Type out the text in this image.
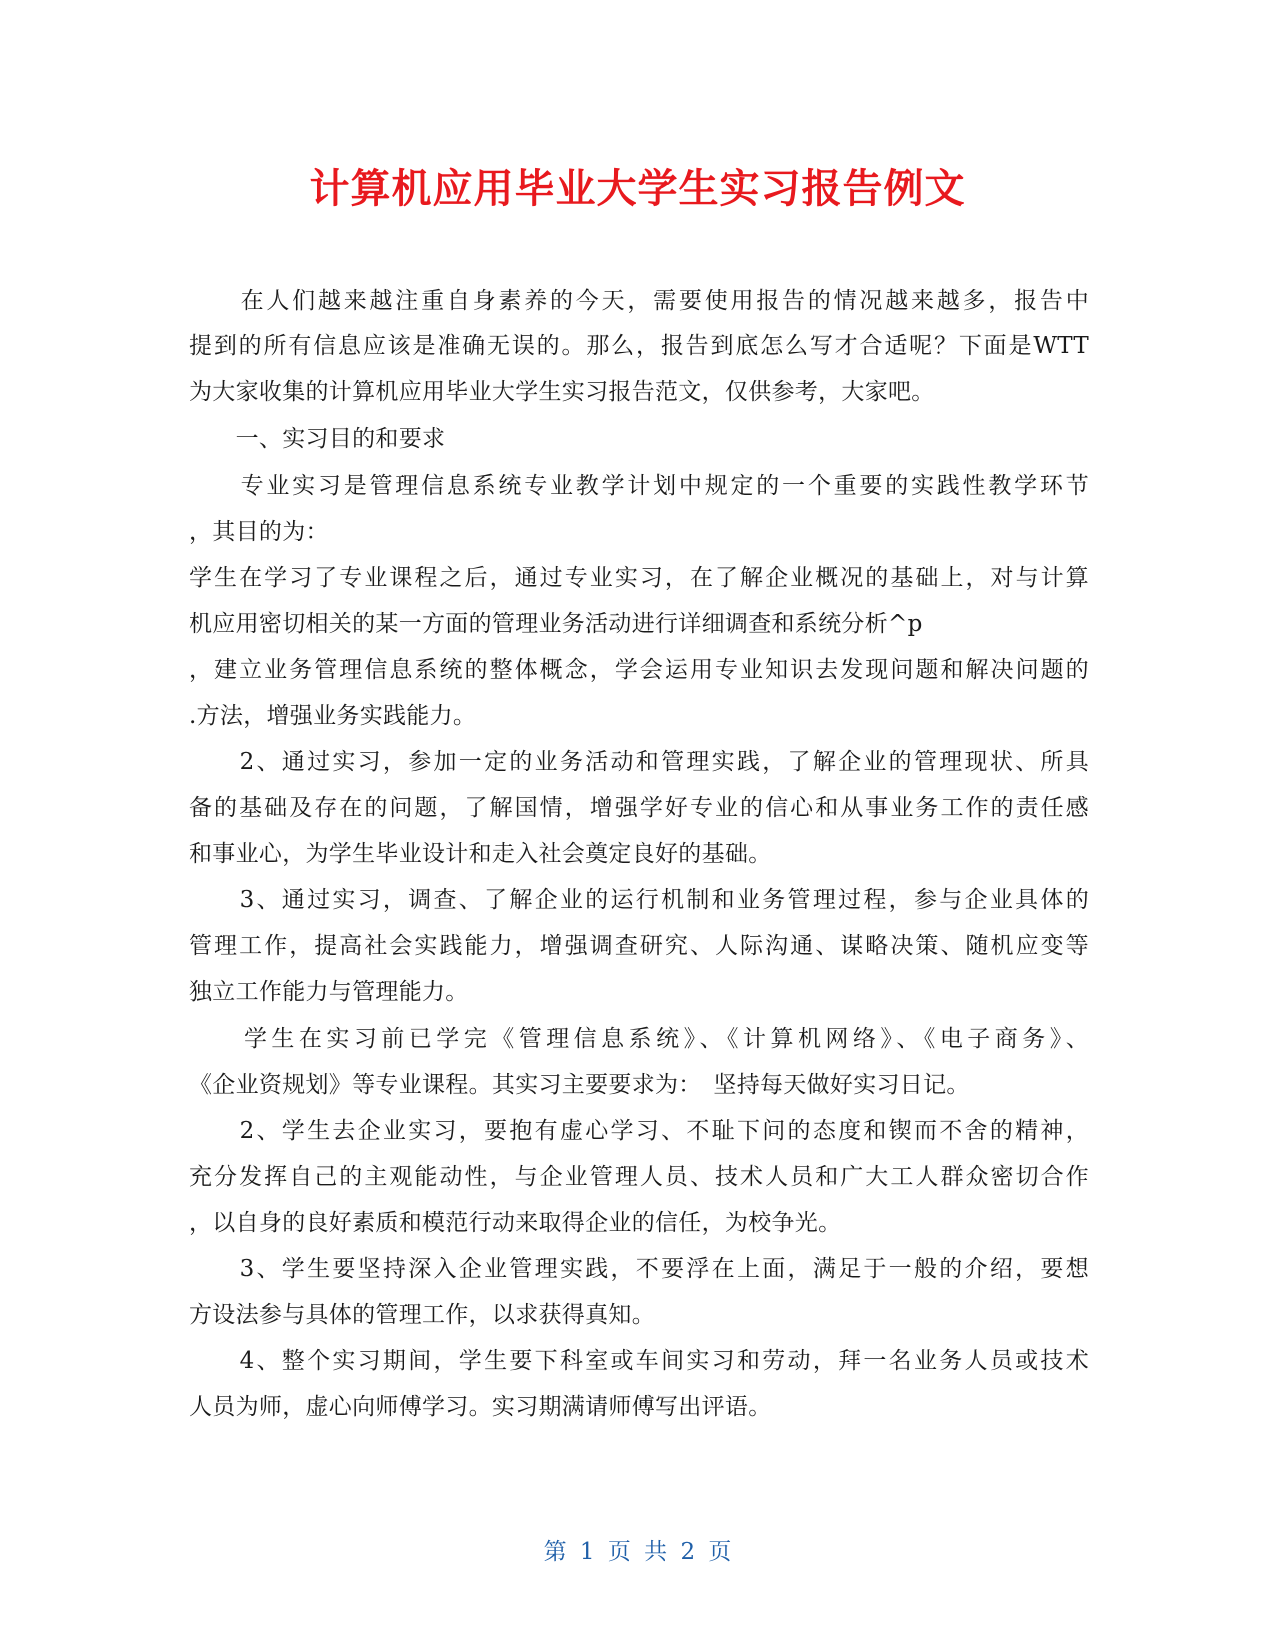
计算机应用毕业大学生实习报告例文
　　在人们越来越注重自身素养的今天，需要使用报告的情况越来越多，报告中
提到的所有信息应该是准确无误的。那么，报告到底怎么写才合适呢？下面是WTT
为大家收集的计算机应用毕业大学生实习报告范文，仅供参考，大家吧。
　　一、实习目的和要求
　　专业实习是管理信息系统专业教学计划中规定的一个重要的实践性教学环节
，其目的为：
学生在学习了专业课程之后，通过专业实习，在了解企业概况的基础上，对与计算
机应用密切相关的某一方面的管理业务活动进行详细调查和系统分析^p
，建立业务管理信息系统的整体概念，学会运用专业知识去发现问题和解决问题的
.方法，增强业务实践能力。
　　2、通过实习，参加一定的业务活动和管理实践，了解企业的管理现状、所具
备的基础及存在的问题，了解国情，增强学好专业的信心和从事业务工作的责任感
和事业心，为学生毕业设计和走入社会奠定良好的基础。
　　3、通过实习，调查、了解企业的运行机制和业务管理过程，参与企业具体的
管理工作，提高社会实践能力，增强调查研究、人际沟通、谋略决策、随机应变等
独立工作能力与管理能力。
　　学生在实习前已学完《管理信息系统》、《计算机网络》、《电子商务》、
《企业资规划》等专业课程。其实习主要要求为：　坚持每天做好实习日记。
　　2、学生去企业实习，要抱有虚心学习、不耻下问的态度和锲而不舍的精神，
充分发挥自己的主观能动性，与企业管理人员、技术人员和广大工人群众密切合作
，以自身的良好素质和模范行动来取得企业的信任，为校争光。
　　3、学生要坚持深入企业管理实践，不要浮在上面，满足于一般的介绍，要想
方设法参与具体的管理工作，以求获得真知。
　　4、整个实习期间，学生要下科室或车间实习和劳动，拜一名业务人员或技术
人员为师，虚心向师傅学习。实习期满请师傅写出评语。
第 1 页 共 2 页
